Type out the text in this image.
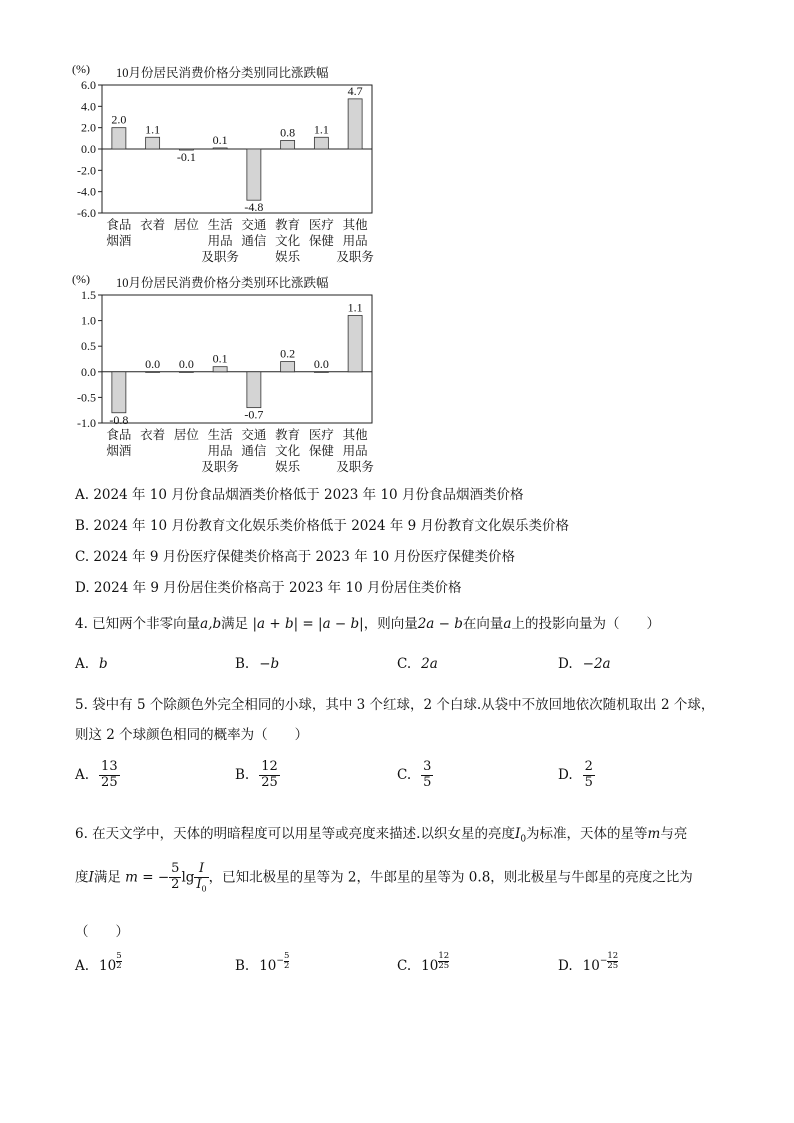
(%) 10月份居民消费价格分类别同比涨跌幅
6.0
4.0
2.0
0.0
-2.0
-4.0
-6.0
2.0
食品
烟酒
1.1
衣着
-0.1
居位
0.1
生活
用品
及职务
-4.8
交通
通信
0.8
教育
文化
娱乐
1.1
医疗
保健
4.7
其他
用品
及职务
(%) 10月份居民消费价格分类别环比涨跌幅
1.5
1.0
0.5
0.0
-0.5
-1.0 -0.8
食品
烟酒
0.0
衣着
0.0
居位
0.1
生活
用品
及职务
-0.7
交通
通信
0.2
教育
文化
娱乐
0.0
医疗
保健
1.1
其他
用品
及职务
A. 2024 年 10 月份食品烟酒类价格低于 2023 年 10 月份食品烟酒类价格
B. 2024 年 10 月份教育文化娱乐类价格低于 2024 年 9 月份教育文化娱乐类价格
C. 2024 年 9 月份医疗保健类价格高于 2023 年 10 月份医疗保健类价格
D. 2024 年 9 月份居住类价格高于 2023 年 10 月份居住类价格
4. 已知两个非零向量a,b满足 |a + b| = |a − b|，则向量2a − b在向量a上的投影向量为（　　）
A. b	B. −b	C. 2a	D. −2a
5. 袋中有 5 个除颜色外完全相同的小球，其中 3 个红球，2 个白球.从袋中不放回地依次随机取出 2 个球，
则这 2 个球颜色相同的概率为（　　）
A. $\frac{13}{25}$	B. $\frac{12}{25}$	C. $\frac{3}{5}$	D. $\frac{2}{5}$
6. 在天文学中，天体的明暗程度可以用星等或亮度来描述.以织女星的亮度$I_0$为标准，天体的星等m与亮
度I满足 m = − $\frac{5}{2}$ $\lg \frac{I}{I_0}$ ，已知北极星的星等为 2，牛郎星的星等为 0.8，则北极星与牛郎星的亮度之比为
（　　）
A. $10 \frac{5}{2}$	B. $10^- \frac{5}{2}$	C. $10 \frac{12}{25}$	D. $10^- \frac{12}{25}$
